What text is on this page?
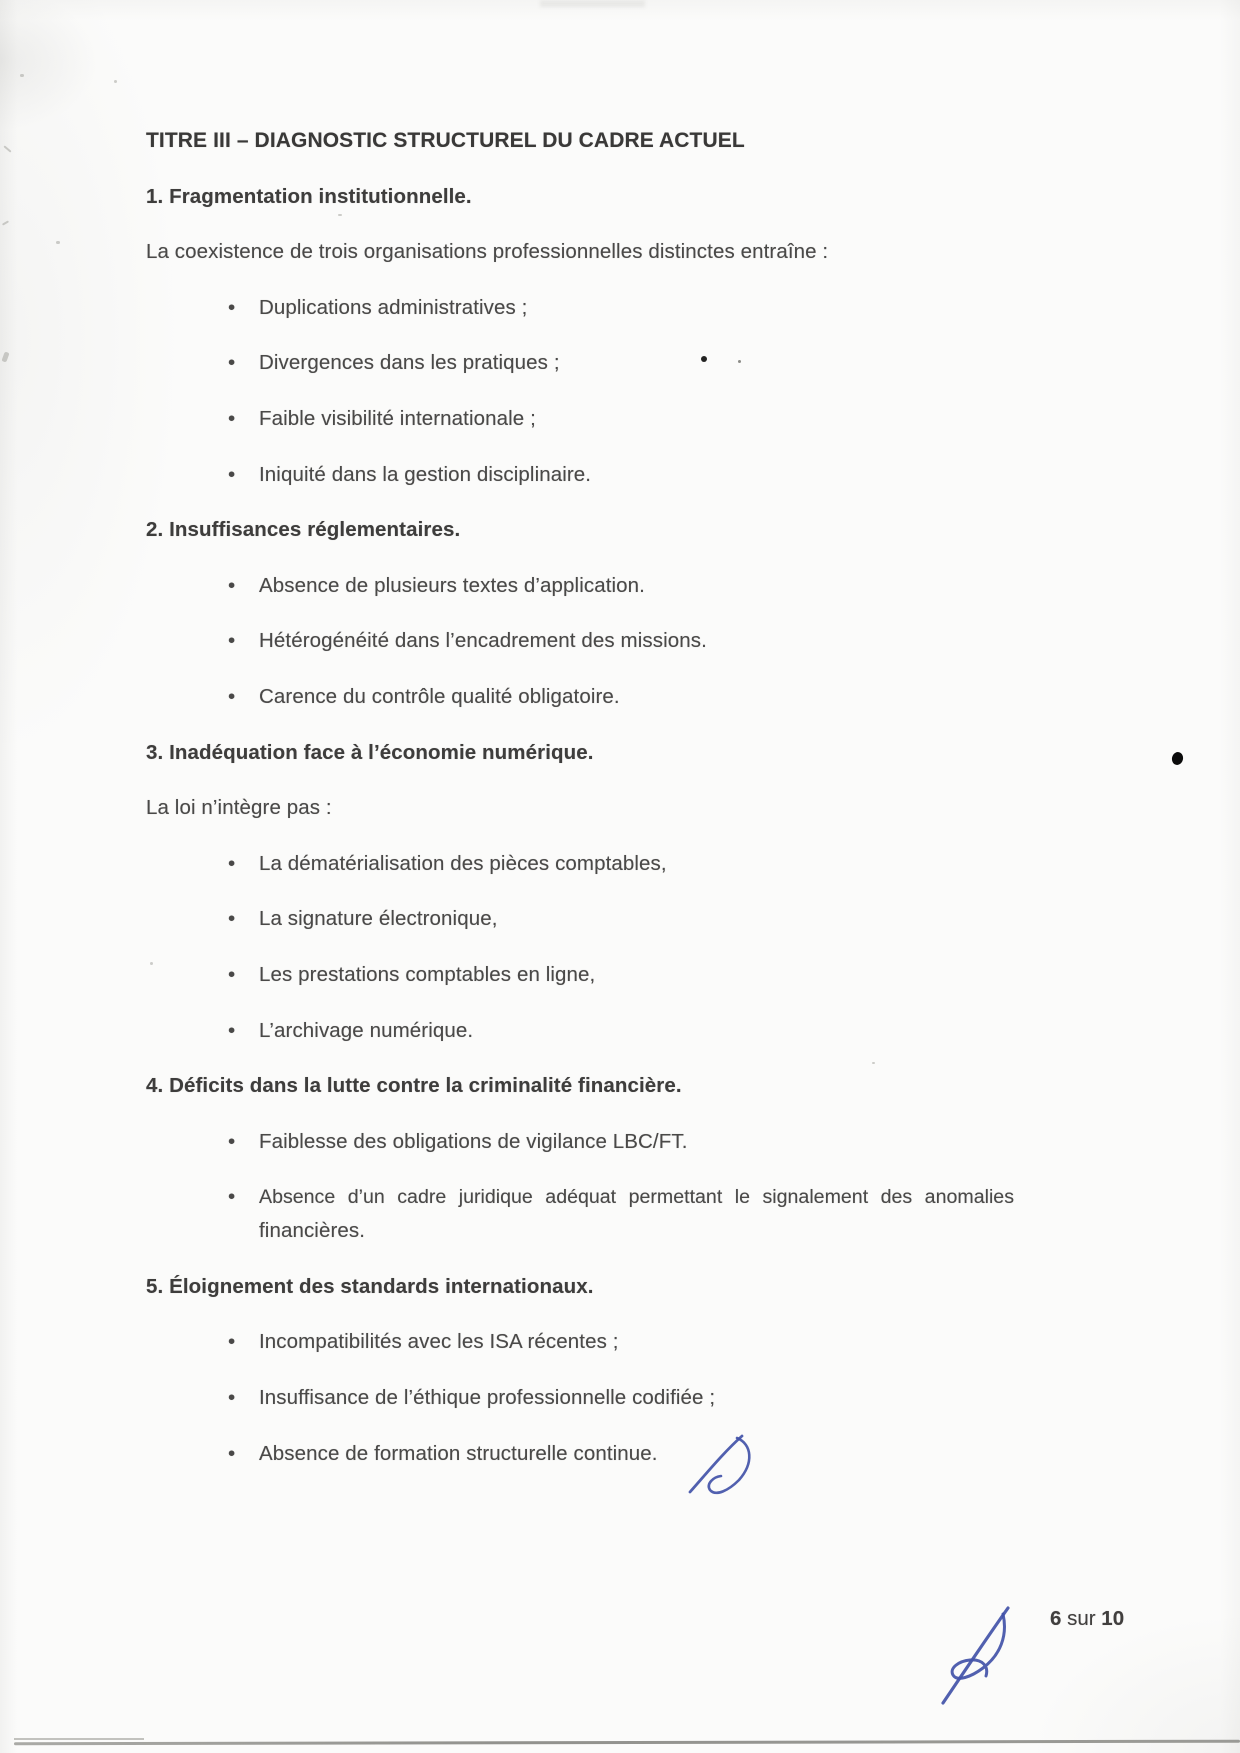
TITRE III – DIAGNOSTIC STRUCTUREL DU CADRE ACTUEL
1. Fragmentation institutionnelle.
La coexistence de trois organisations professionnelles distinctes entraîne :
• Duplications administratives ;
• Divergences dans les pratiques ;
• Faible visibilité internationale ;
• Iniquité dans la gestion disciplinaire.
2. Insuffisances réglementaires.
• Absence de plusieurs textes d’application.
• Hétérogénéité dans l’encadrement des missions.
• Carence du contrôle qualité obligatoire.
3. Inadéquation face à l’économie numérique.
La loi n’intègre pas :
• La dématérialisation des pièces comptables,
• La signature électronique,
• Les prestations comptables en ligne,
• L’archivage numérique.
4. Déficits dans la lutte contre la criminalité financière.
• Faiblesse des obligations de vigilance LBC/FT.
• Absence d’un cadre juridique adéquat permettant le signalement des anomalies
financières.
5. Éloignement des standards internationaux.
• Incompatibilités avec les ISA récentes ;
• Insuffisance de l’éthique professionnelle codifiée ;
• Absence de formation structurelle continue.
6 sur 10
